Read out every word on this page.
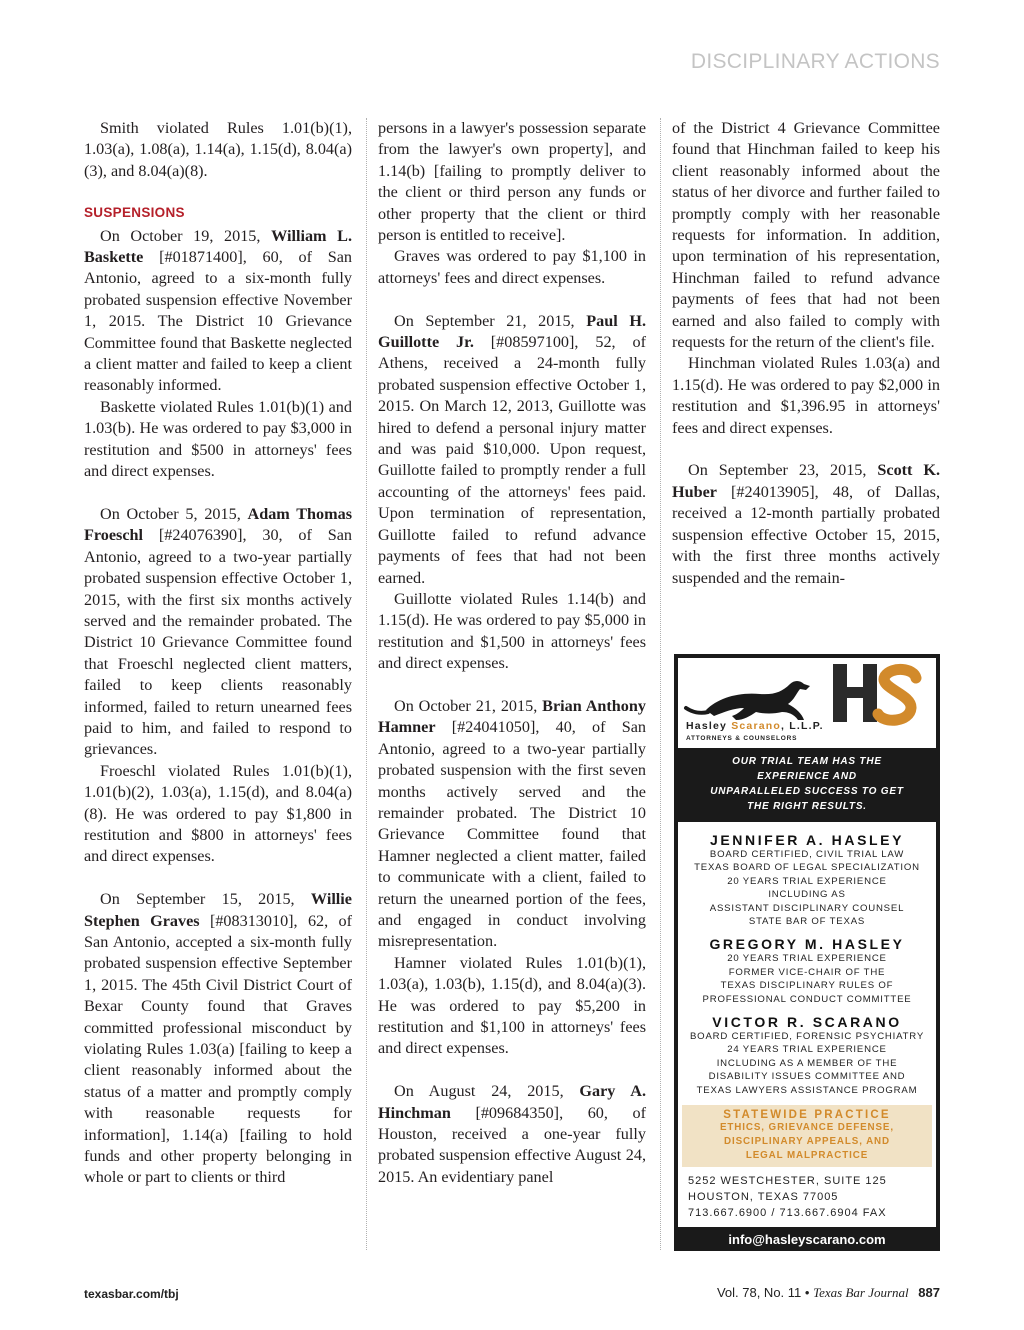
DISCIPLINARY ACTIONS

Smith violated Rules 1.01(b)(1), 1.03(a), 1.08(a), 1.14(a), 1.15(d), 8.04(a)(3), and 8.04(a)(8).

SUSPENSIONS

On October 19, 2015, William L. Baskette [#01871400], 60, of San Antonio, agreed to a six-month fully probated suspension effective November 1, 2015. The District 10 Grievance Committee found that Baskette neglected a client matter and failed to keep a client reasonably informed.

Baskette violated Rules 1.01(b)(1) and 1.03(b). He was ordered to pay $3,000 in restitution and $500 in attorneys' fees and direct expenses.

On October 5, 2015, Adam Thomas Froeschl [#24076390], 30, of San Antonio, agreed to a two-year partially probated suspension effective October 1, 2015, with the first six months actively served and the remainder probated. The District 10 Grievance Committee found that Froeschl neglected client matters, failed to keep clients reasonably informed, failed to return unearned fees paid to him, and failed to respond to grievances.

Froeschl violated Rules 1.01(b)(1), 1.01(b)(2), 1.03(a), 1.15(d), and 8.04(a)(8). He was ordered to pay $1,800 in restitution and $800 in attorneys' fees and direct expenses.

On September 15, 2015, Willie Stephen Graves [#08313010], 62, of San Antonio, accepted a six-month fully probated suspension effective September 1, 2015. The 45th Civil District Court of Bexar County found that Graves committed professional misconduct by violating Rules 1.03(a) [failing to keep a client reasonably informed about the status of a matter and promptly comply with reasonable requests for information], 1.14(a) [failing to hold funds and other property belonging in whole or part to clients or third

persons in a lawyer's possession separate from the lawyer's own property], and 1.14(b) [failing to promptly deliver to the client or third person any funds or other property that the client or third person is entitled to receive].

Graves was ordered to pay $1,100 in attorneys' fees and direct expenses.

On September 21, 2015, Paul H. Guillotte Jr. [#08597100], 52, of Athens, received a 24-month fully probated suspension effective October 1, 2015. On March 12, 2013, Guillotte was hired to defend a personal injury matter and was paid $10,000. Upon request, Guillotte failed to promptly render a full accounting of the attorneys' fees paid. Upon termination of representation, Guillotte failed to refund advance payments of fees that had not been earned.

Guillotte violated Rules 1.14(b) and 1.15(d). He was ordered to pay $5,000 in restitution and $1,500 in attorneys' fees and direct expenses.

On October 21, 2015, Brian Anthony Hamner [#24041050], 40, of San Antonio, agreed to a two-year partially probated suspension with the first seven months actively served and the remainder probated. The District 10 Grievance Committee found that Hamner neglected a client matter, failed to communicate with a client, failed to return the unearned portion of the fees, and engaged in conduct involving misrepresentation.

Hamner violated Rules 1.01(b)(1), 1.03(a), 1.03(b), 1.15(d), and 8.04(a)(3). He was ordered to pay $5,200 in restitution and $1,100 in attorneys' fees and direct expenses.

On August 24, 2015, Gary A. Hinchman [#09684350], 60, of Houston, received a one-year fully probated suspension effective August 24, 2015. An evidentiary panel

of the District 4 Grievance Committee found that Hinchman failed to keep his client reasonably informed about the status of her divorce and further failed to promptly comply with her reasonable requests for information. In addition, upon termination of his representation, Hinchman failed to refund advance payments of fees that had not been earned and also failed to comply with requests for the return of the client's file.

Hinchman violated Rules 1.03(a) and 1.15(d). He was ordered to pay $2,000 in restitution and $1,396.95 in attorneys' fees and direct expenses.

On September 23, 2015, Scott K. Huber [#24013905], 48, of Dallas, received a 12-month partially probated suspension effective October 15, 2015, with the first three months actively suspended and the remain-

Hasley Scarano, L.L.P.
ATTORNEYS & COUNSELORS
OUR TRIAL TEAM HAS THE
EXPERIENCE AND
UNPARALLELED SUCCESS TO GET
THE RIGHT RESULTS.
JENNIFER A. HASLEY
BOARD CERTIFIED, CIVIL TRIAL LAW
TEXAS BOARD OF LEGAL SPECIALIZATION
20 YEARS TRIAL EXPERIENCE
INCLUDING AS
ASSISTANT DISCIPLINARY COUNSEL
STATE BAR OF TEXAS
GREGORY M. HASLEY
20 YEARS TRIAL EXPERIENCE
FORMER VICE-CHAIR OF THE
TEXAS DISCIPLINARY RULES OF
PROFESSIONAL CONDUCT COMMITTEE
VICTOR R. SCARANO
BOARD CERTIFIED, FORENSIC PSYCHIATRY
24 YEARS TRIAL EXPERIENCE
INCLUDING AS A MEMBER OF THE
DISABILITY ISSUES COMMITTEE AND
TEXAS LAWYERS ASSISTANCE PROGRAM
STATEWIDE PRACTICE
ETHICS, GRIEVANCE DEFENSE,
DISCIPLINARY APPEALS, AND
LEGAL MALPRACTICE
5252 WESTCHESTER, SUITE 125
HOUSTON, TEXAS 77005
713.667.6900 / 713.667.6904 FAX
info@hasleyscarano.com
www.hasleyscarano.com
texasbar.com/tbj	Vol. 78, No. 11 • Texas Bar Journal 887
